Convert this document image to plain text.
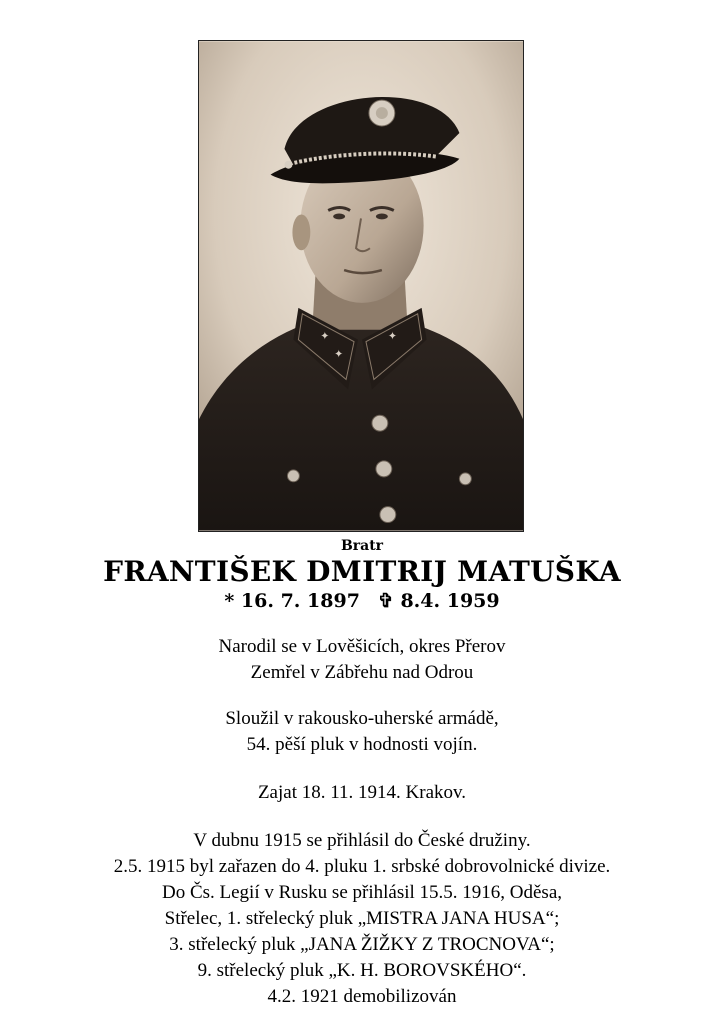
✦
✦
✦

Bratr

FRANTIŠEK DMITRIJ MATUŠKA

* 16. 7. 1897 ✞ 8.4. 1959

Narodil se v Lověšicích, okres Přerov

Zemřel v Zábřehu nad Odrou

Sloužil v rakousko-uherské armádě,

54. pěší pluk v hodnosti vojín.

Zajat 18. 11. 1914. Krakov.

V dubnu 1915 se přihlásil do České družiny.

2.5. 1915 byl zařazen do 4. pluku 1. srbské dobrovolnické divize.

Do Čs. Legií v Rusku se přihlásil 15.5. 1916, Oděsa,

Střelec, 1. střelecký pluk „MISTRA JANA HUSA“;

3. střelecký pluk „JANA ŽIŽKY Z TROCNOVA“;

9. střelecký pluk „K. H. BOROVSKÉHO“.

4.2. 1921 demobilizován
